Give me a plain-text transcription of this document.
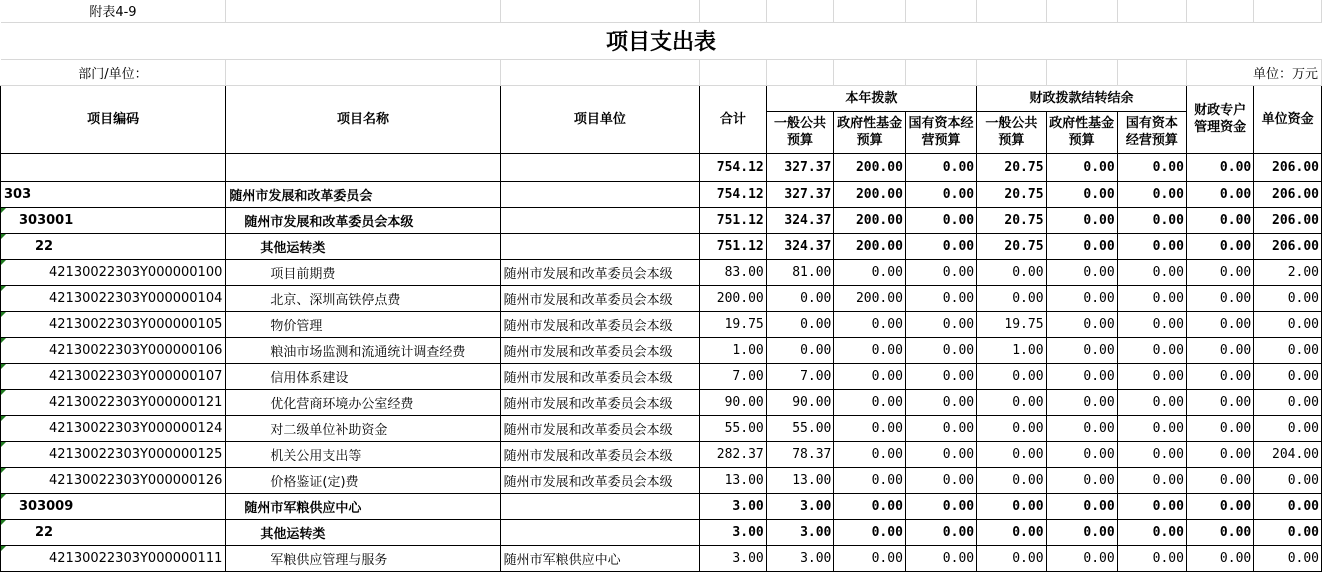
附表4-9											
项目支出表											
部门/单位：										单位：万元	
项目编码	项目名称	项目单位	合计	本年拨款			财政拨款结转结余			财政专户管理资金	单位资金
				一般公共预算	政府性基金预算	国有资本经营预算	一般公共预算	政府性基金预算	国有资本经营预算		
			754.12	327.37	200.00	0.00	20.75	0.00	0.00	0.00	206.00
303	随州市发展和改革委员会		754.12	327.37	200.00	0.00	20.75	0.00	0.00	0.00	206.00
303001	随州市发展和改革委员会本级		751.12	324.37	200.00	0.00	20.75	0.00	0.00	0.00	206.00
22	其他运转类		751.12	324.37	200.00	0.00	20.75	0.00	0.00	0.00	206.00
42130022303Y000000100	项目前期费	随州市发展和改革委员会本级	83.00	81.00	0.00	0.00	0.00	0.00	0.00	0.00	2.00
42130022303Y000000104	北京、深圳高铁停点费	随州市发展和改革委员会本级	200.00	0.00	200.00	0.00	0.00	0.00	0.00	0.00	0.00
42130022303Y000000105	物价管理	随州市发展和改革委员会本级	19.75	0.00	0.00	0.00	19.75	0.00	0.00	0.00	0.00
42130022303Y000000106	粮油市场监测和流通统计调查经费	随州市发展和改革委员会本级	1.00	0.00	0.00	0.00	1.00	0.00	0.00	0.00	0.00
42130022303Y000000107	信用体系建设	随州市发展和改革委员会本级	7.00	7.00	0.00	0.00	0.00	0.00	0.00	0.00	0.00
42130022303Y000000121	优化营商环境办公室经费	随州市发展和改革委员会本级	90.00	90.00	0.00	0.00	0.00	0.00	0.00	0.00	0.00
42130022303Y000000124	对二级单位补助资金	随州市发展和改革委员会本级	55.00	55.00	0.00	0.00	0.00	0.00	0.00	0.00	0.00
42130022303Y000000125	机关公用支出等	随州市发展和改革委员会本级	282.37	78.37	0.00	0.00	0.00	0.00	0.00	0.00	204.00
42130022303Y000000126	价格鉴证(定)费	随州市发展和改革委员会本级	13.00	13.00	0.00	0.00	0.00	0.00	0.00	0.00	0.00
303009	随州市军粮供应中心		3.00	3.00	0.00	0.00	0.00	0.00	0.00	0.00	0.00
22	其他运转类		3.00	3.00	0.00	0.00	0.00	0.00	0.00	0.00	0.00
42130022303Y000000111	军粮供应管理与服务	随州市军粮供应中心	3.00	3.00	0.00	0.00	0.00	0.00	0.00	0.00	0.00
